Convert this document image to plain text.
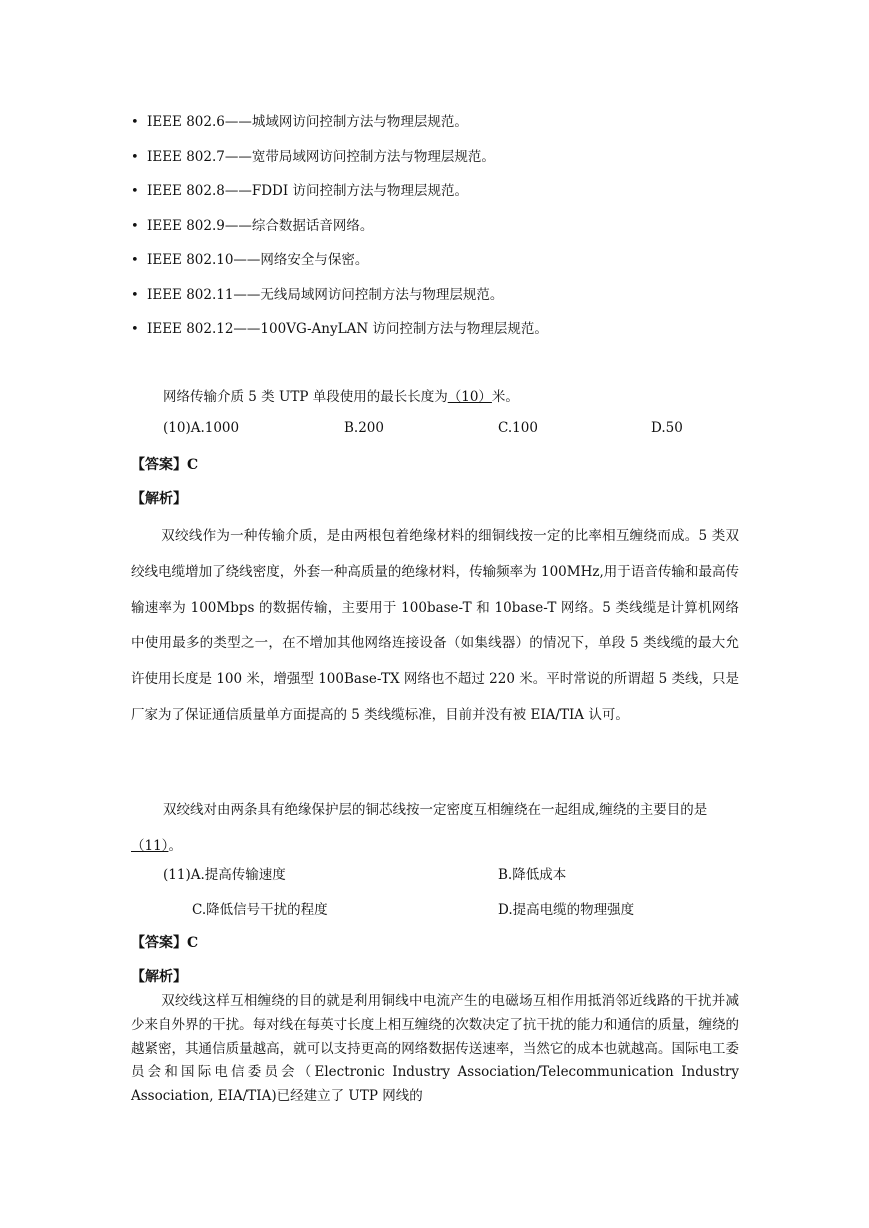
• IEEE 802.6——城域网访问控制方法与物理层规范。
• IEEE 802.7——宽带局域网访问控制方法与物理层规范。
• IEEE 802.8——FDDI 访问控制方法与物理层规范。
• IEEE 802.9——综合数据话音网络。
• IEEE 802.10——网络安全与保密。
• IEEE 802.11——无线局域网访问控制方法与物理层规范。
• IEEE 802.12——100VG-AnyLAN 访问控制方法与物理层规范。
网络传输介质 5 类 UTP 单段使用的最长长度为（10）米。
(10)A.1000	B.200	C.100	D.50
【答案】C
【解析】
双绞线作为一种传输介质，是由两根包着绝缘材料的细铜线按一定的比率相互缠绕而成。5 类双绞线电缆增加了绕线密度，外套一种高质量的绝缘材料，传输频率为 100MHz,用于语音传输和最高传输速率为 100Mbps 的数据传输，主要用于 100base-T 和 10base-T 网络。5 类线缆是计算机网络中使用最多的类型之一，在不增加其他网络连接设备（如集线器）的情况下，单段 5 类线缆的最大允许使用长度是 100 米，增强型 100Base-TX 网络也不超过 220 米。平时常说的所谓超 5 类线，只是厂家为了保证通信质量单方面提高的 5 类线缆标准，目前并没有被 EIA/TIA 认可。
双绞线对由两条具有绝缘保护层的铜芯线按一定密度互相缠绕在一起组成,缠绕的主要目的是（11）。
(11)A.提高传输速度	B.降低成本
C.降低信号干扰的程度	D.提高电缆的物理强度
【答案】C
【解析】
双绞线这样互相缠绕的目的就是利用铜线中电流产生的电磁场互相作用抵消邻近线路的干扰并减少来自外界的干扰。每对线在每英寸长度上相互缠绕的次数决定了抗干扰的能力和通信的质量，缠绕的越紧密，其通信质量越高，就可以支持更高的网络数据传送速率，当然它的成本也就越高。国际电工委员会和国际电信委员会（Electronic Industry Association/Telecommunication Industry Association, EIA/TIA)已经建立了 UTP 网线的
